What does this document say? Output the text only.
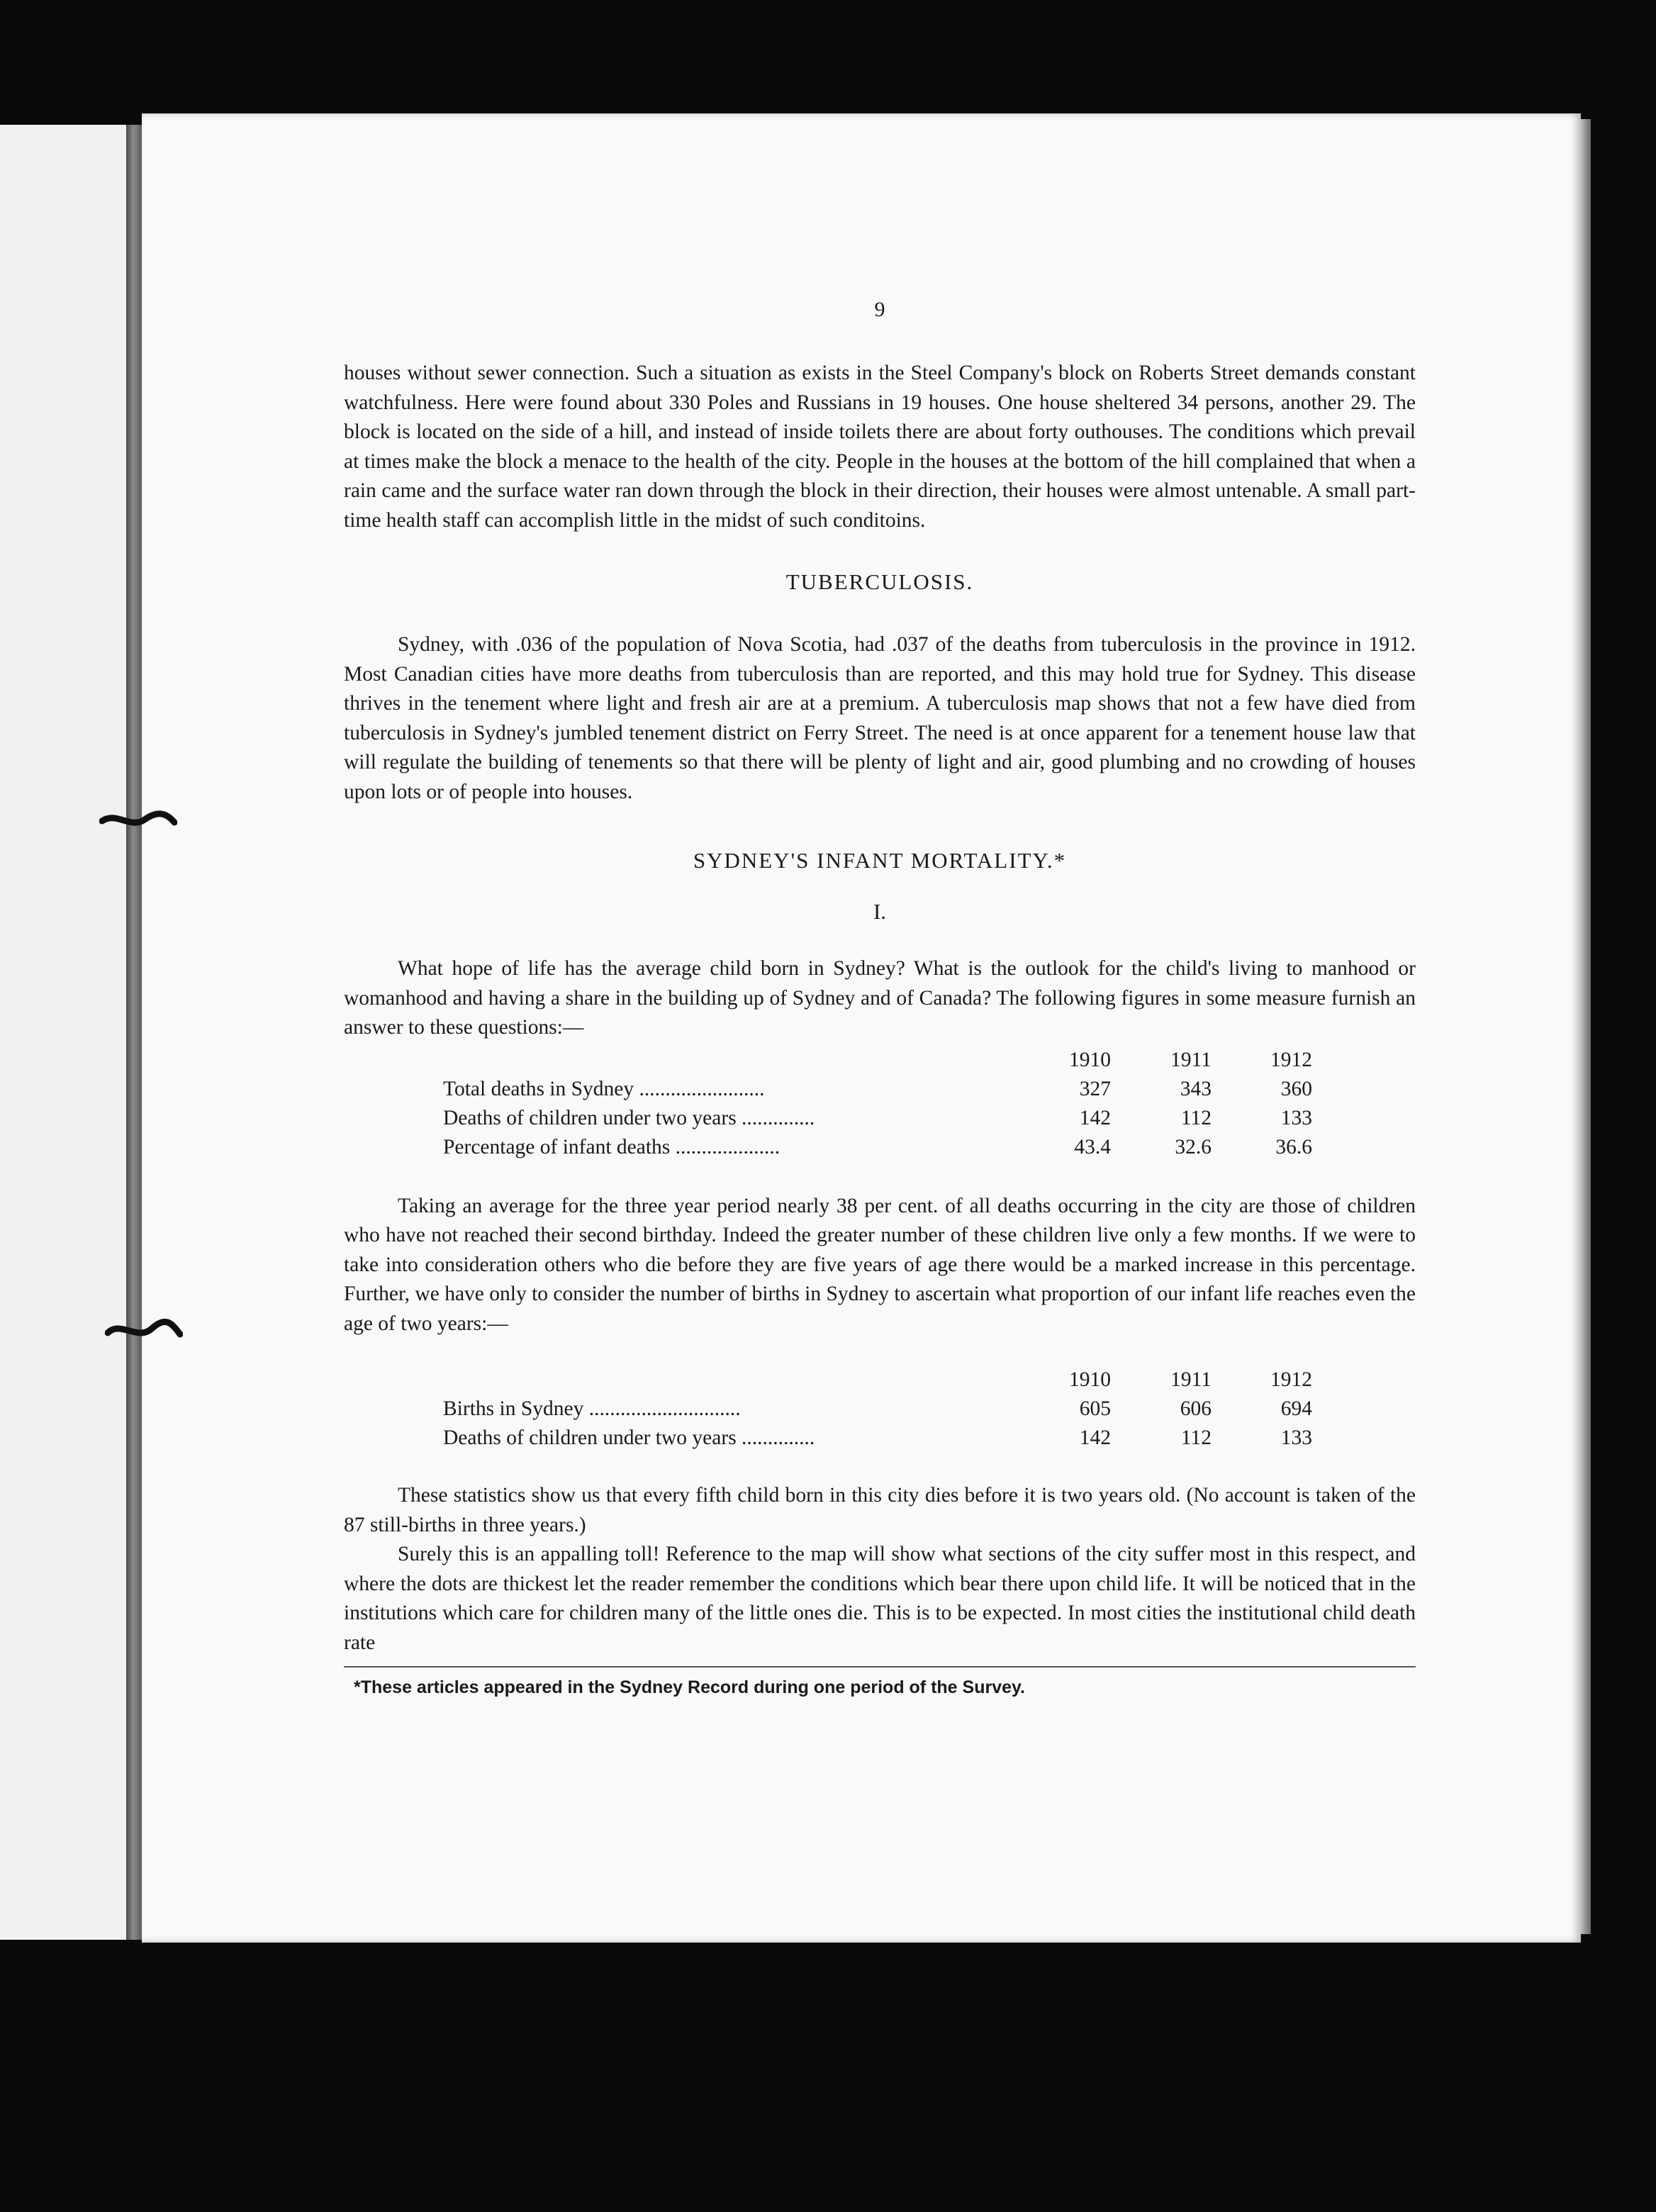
9

houses without sewer connection. Such a situation as exists in the Steel Company's block on Roberts Street demands constant watchfulness. Here were found about 330 Poles and Russians in 19 houses. One house sheltered 34 persons, another 29. The block is located on the side of a hill, and instead of inside toilets there are about forty outhouses. The conditions which prevail at times make the block a menace to the health of the city. People in the houses at the bottom of the hill complained that when a rain came and the surface water ran down through the block in their direction, their houses were almost untenable. A small part-time health staff can accomplish little in the midst of such conditoins.

TUBERCULOSIS.

Sydney, with .036 of the population of Nova Scotia, had .037 of the deaths from tuberculosis in the province in 1912. Most Canadian cities have more deaths from tuberculosis than are reported, and this may hold true for Sydney. This disease thrives in the tenement where light and fresh air are at a premium. A tuberculosis map shows that not a few have died from tuberculosis in Sydney's jumbled tenement district on Ferry Street. The need is at once apparent for a tenement house law that will regulate the building of tenements so that there will be plenty of light and air, good plumbing and no crowding of houses upon lots or of people into houses.

SYDNEY'S INFANT MORTALITY.*
I.

What hope of life has the average child born in Sydney? What is the outlook for the child's living to manhood or womanhood and having a share in the building up of Sydney and of Canada? The following figures in some measure furnish an answer to these questions:—

	1910	1911	1912
Total deaths in Sydney ........................	327	343	360
Deaths of children under two years ..............	142	112	133
Percentage of infant deaths ....................	43.4	32.6	36.6

Taking an average for the three year period nearly 38 per cent. of all deaths occurring in the city are those of children who have not reached their second birthday. Indeed the greater number of these children live only a few months. If we were to take into consideration others who die before they are five years of age there would be a marked increase in this percentage. Further, we have only to consider the number of births in Sydney to ascertain what proportion of our infant life reaches even the age of two years:—

	1910	1911	1912
Births in Sydney .............................	605	606	694
Deaths of children under two years ..............	142	112	133

These statistics show us that every fifth child born in this city dies before it is two years old. (No account is taken of the 87 still-births in three years.)

Surely this is an appalling toll! Reference to the map will show what sections of the city suffer most in this respect, and where the dots are thickest let the reader remember the conditions which bear there upon child life. It will be noticed that in the institutions which care for children many of the little ones die. This is to be expected. In most cities the institutional child death rate

*These articles appeared in the Sydney Record during one period of the Survey.
